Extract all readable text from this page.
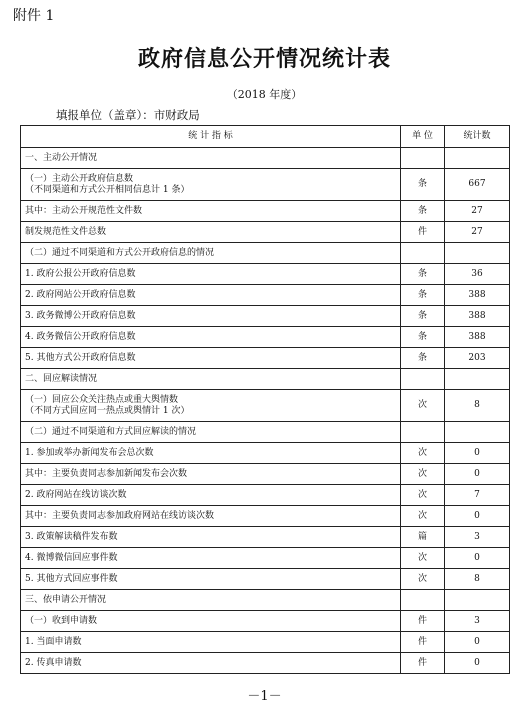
附件 1
政府信息公开情况统计表
（2018 年度）
填报单位（盖章）：市财政局
统 计 指 标	单 位	统计数

一、主动公开情况		

（一）主动公开政府信息数
（不同渠道和方式公开相同信息计 1 条）	条	667

其中：主动公开规范性文件数	条	27

制发规范性文件总数	件	27

（二）通过不同渠道和方式公开政府信息的情况		

1. 政府公报公开政府信息数	条	36

2. 政府网站公开政府信息数	条	388

3. 政务微博公开政府信息数	条	388

4. 政务微信公开政府信息数	条	388

5. 其他方式公开政府信息数	条	203

二、回应解读情况		

（一）回应公众关注热点或重大舆情数
（不同方式回应同一热点或舆情计 1 次）	次	8

（二）通过不同渠道和方式回应解读的情况		

1. 参加或举办新闻发布会总次数	次	0

其中：主要负责同志参加新闻发布会次数	次	0

2. 政府网站在线访谈次数	次	7

其中：主要负责同志参加政府网站在线访谈次数	次	0

3. 政策解读稿件发布数	篇	3

4. 微博微信回应事件数	次	0

5. 其他方式回应事件数	次	8

三、依申请公开情况		

（一）收到申请数	件	3

1. 当面申请数	件	0

2. 传真申请数	件	0
－1－
